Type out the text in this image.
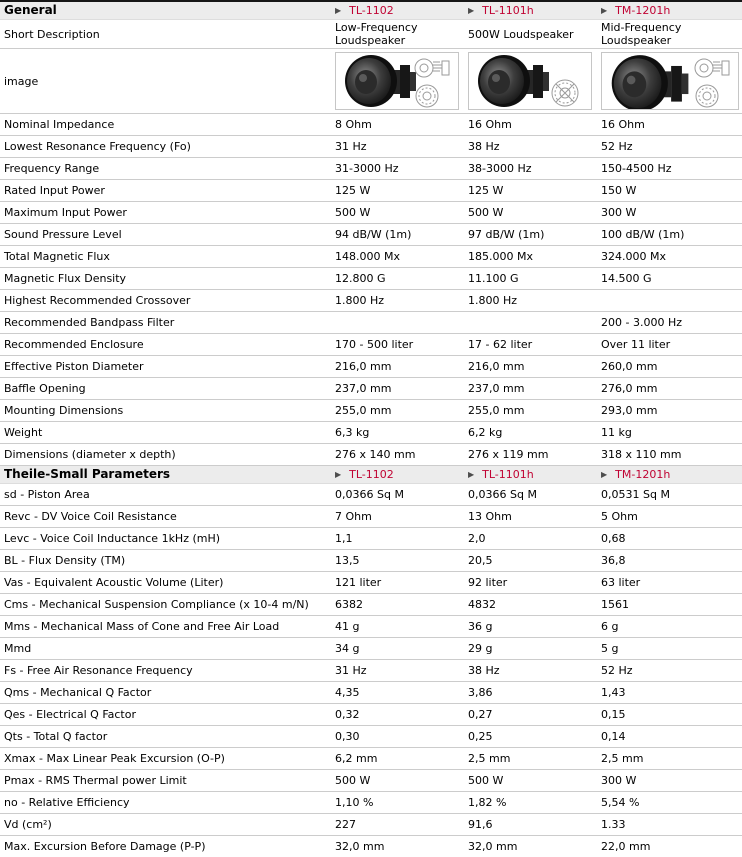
General	▶ TL-1102	▶ TL-1101h	▶ TM-1201h
Short Description	Low-Frequency Loudspeaker	500W Loudspeaker	Mid-Frequency Loudspeaker
image	

Nominal Impedance	8 Ohm	16 Ohm	16 Ohm
Lowest Resonance Frequency (Fo)	31 Hz	38 Hz	52 Hz
Frequency Range	31-3000 Hz	38-3000 Hz	150-4500 Hz
Rated Input Power	125 W	125 W	150 W
Maximum Input Power	500 W	500 W	300 W
Sound Pressure Level	94 dB/W (1m)	97 dB/W (1m)	100 dB/W (1m)
Total Magnetic Flux	148.000 Mx	185.000 Mx	324.000 Mx
Magnetic Flux Density	12.800 G	11.100 G	14.500 G
Highest Recommended Crossover	1.800 Hz	1.800 Hz	
Recommended Bandpass Filter			200 - 3.000 Hz
Recommended Enclosure	170 - 500 liter	17 - 62 liter	Over 11 liter
Effective Piston Diameter	216,0 mm	216,0 mm	260,0 mm
Baffle Opening	237,0 mm	237,0 mm	276,0 mm
Mounting Dimensions	255,0 mm	255,0 mm	293,0 mm
Weight	6,3 kg	6,2 kg	11 kg
Dimensions (diameter x depth)	276 x 140 mm	276 x 119 mm	318 x 110 mm
Theile-Small Parameters	▶ TL-1102	▶ TL-1101h	▶ TM-1201h
sd - Piston Area	0,0366 Sq M	0,0366 Sq M	0,0531 Sq M
Revc - DV Voice Coil Resistance	7 Ohm	13 Ohm	5 Ohm
Levc - Voice Coil Inductance 1kHz (mH)	1,1	2,0	0,68
BL - Flux Density (TM)	13,5	20,5	36,8
Vas - Equivalent Acoustic Volume (Liter)	121 liter	92 liter	63 liter
Cms - Mechanical Suspension Compliance (x 10-4 m/N)	6382	4832	1561
Mms - Mechanical Mass of Cone and Free Air Load	41 g	36 g	6 g
Mmd	34 g	29 g	5 g
Fs - Free Air Resonance Frequency	31 Hz	38 Hz	52 Hz
Qms - Mechanical Q Factor	4,35	3,86	1,43
Qes - Electrical Q Factor	0,32	0,27	0,15
Qts - Total Q factor	0,30	0,25	0,14
Xmax - Max Linear Peak Excursion (O-P)	6,2 mm	2,5 mm	2,5 mm
Pmax - RMS Thermal power Limit	500 W	500 W	300 W
no - Relative Efficiency	1,10 %	1,82 %	5,54 %
Vd (cm²)	227	91,6	1.33
Max. Excursion Before Damage (P-P)	32,0 mm	32,0 mm	22,0 mm
